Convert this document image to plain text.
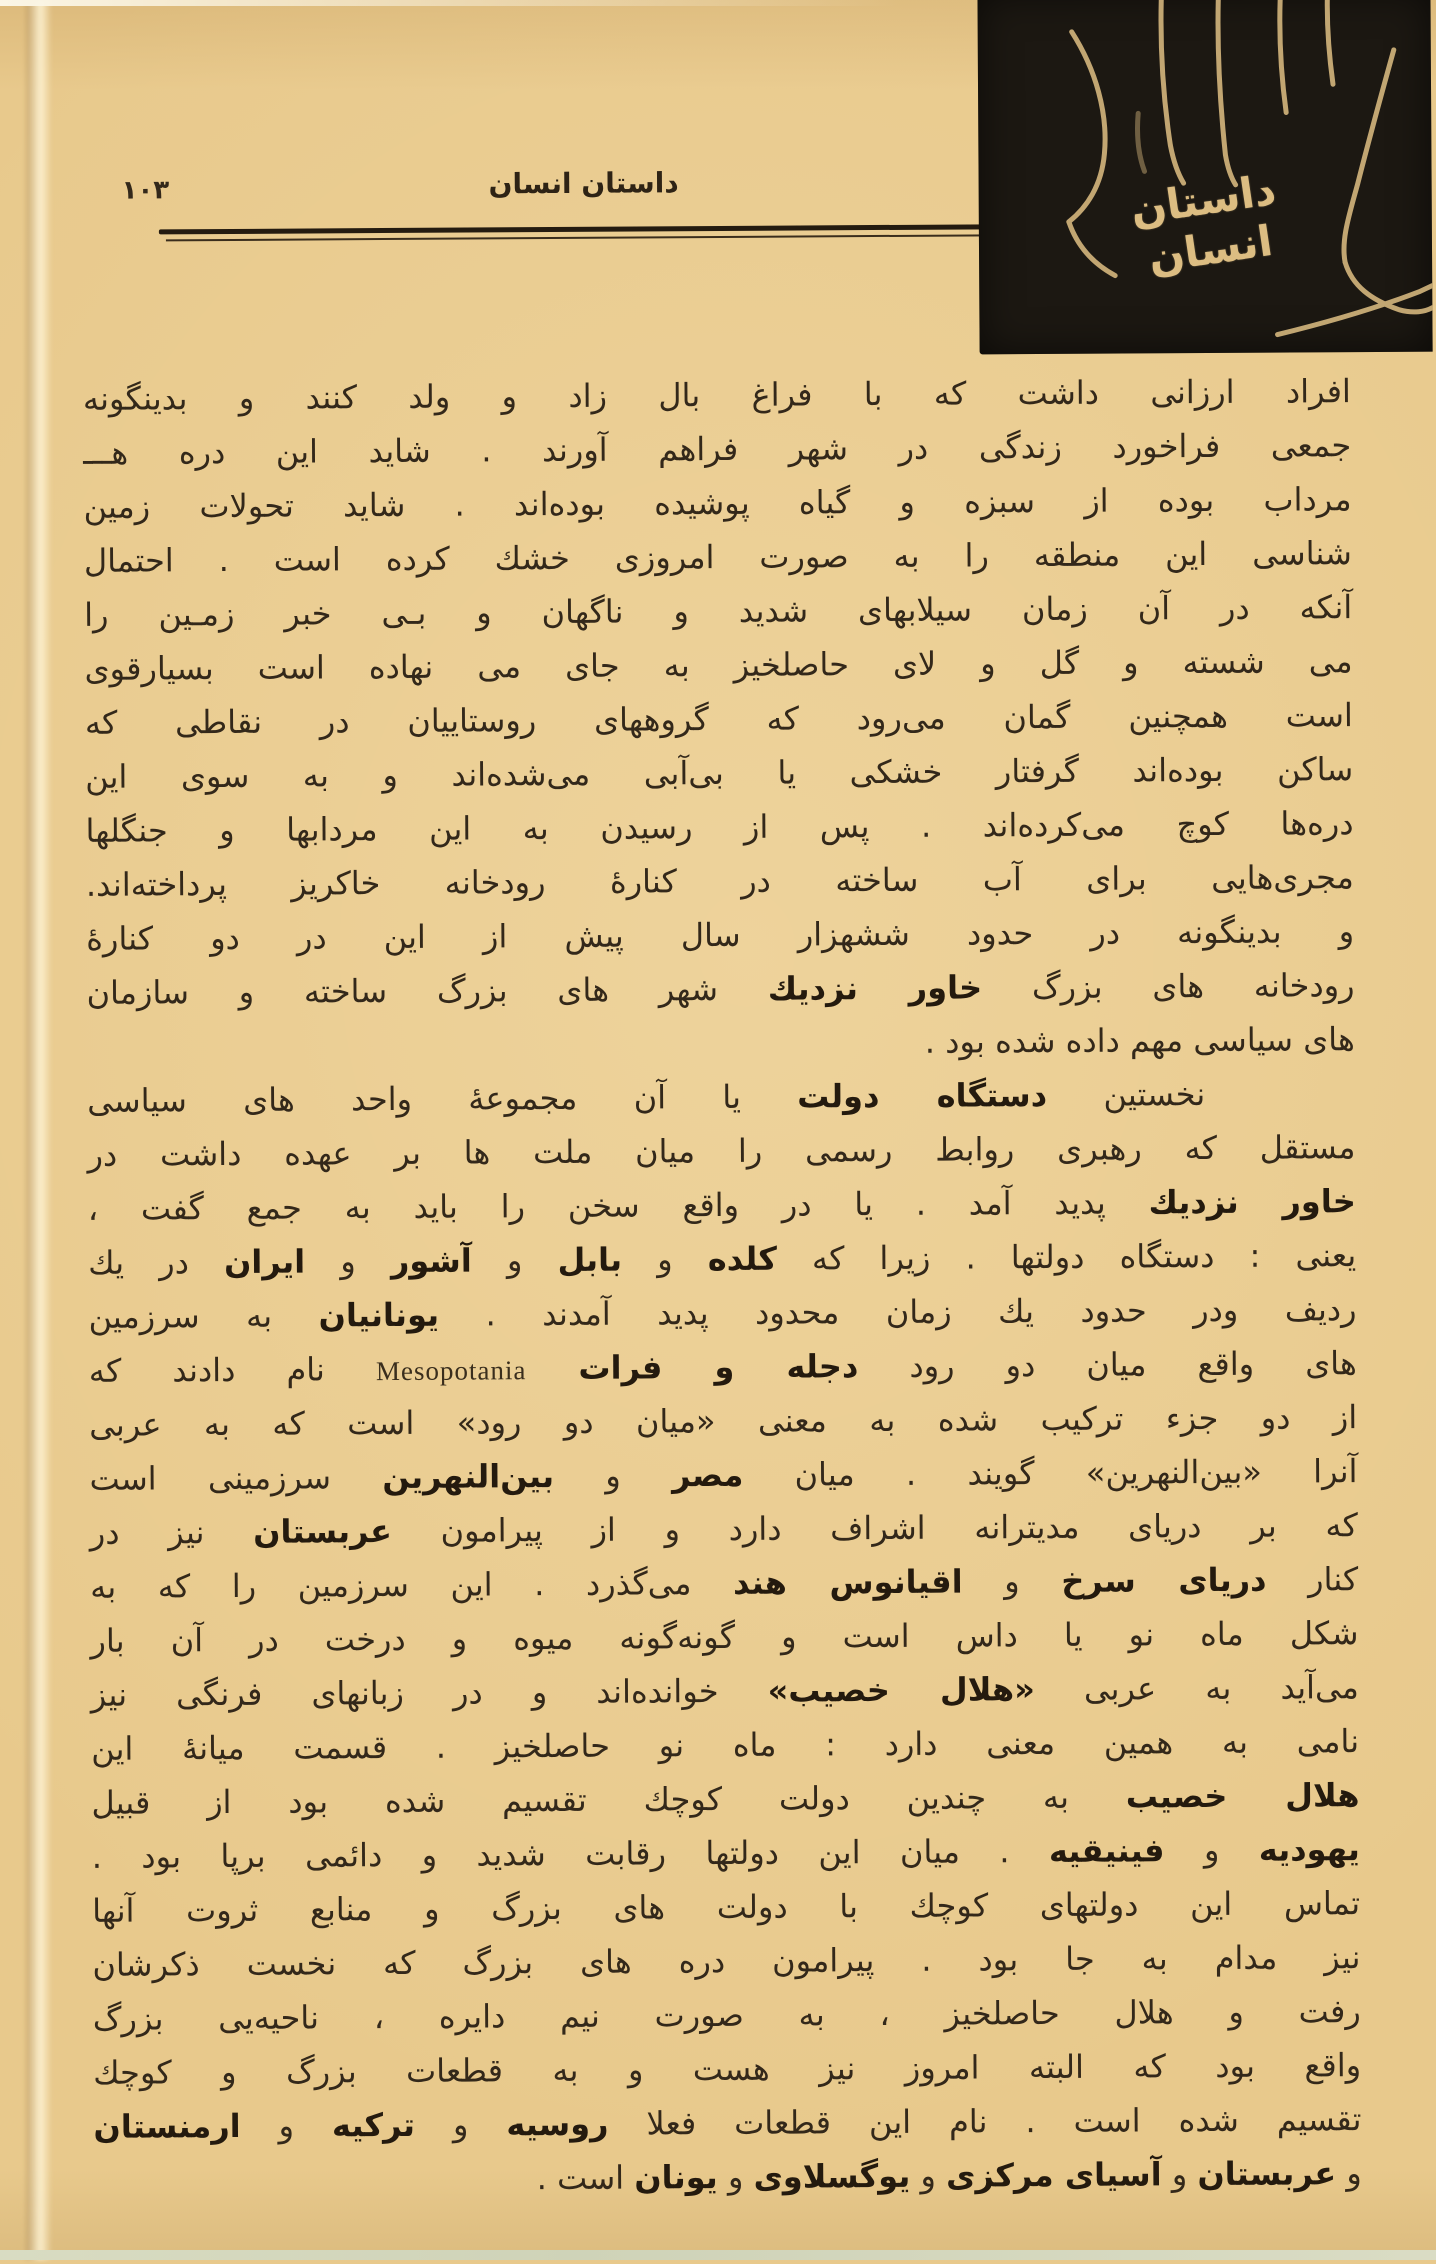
۱۰۳	داستان انسان	داستان
انسان
افراد ارزانی داشت که با فراغ بال زاد و ولد کنند و بدینگونه
جمعی فراخورد زندگی در شهر فراهم آورند . شاید این دره هـــ
مرداب بوده از سبزه و گیاه پوشیده بوده‌اند . شاید تحولات زمین
شناسی این منطقه را به صورت امروزی خشك كرده است . احتمال
آنکه در آن زمان سیلابهای شدید و ناگهان و بـی خبر زمـین را
می شسته و گل و لای حاصلخیز به جای می نهاده است بسیارقوی
است همچنین گمان می‌رود که گروههای روستاییان در نقاطی که
ساکن بوده‌اند گرفتار خشکی یا بی‌آبی می‌شده‌اند و به سوی این
دره‌ها کوچ می‌کرده‌اند . پس از رسیدن به این مردابها و جنگلها
مجری‌هایی برای آب ساخته در کنارۀ رودخانه خاکریز پرداخته‌اند.
و بدینگونه در حدود ششهزار سال پیش از این در دو کنارۀ
رودخانه های بزرگ خاور نزدیك شهر های بزرگ ساخته و سازمان
های سیاسی مهم داده شده بود .
نخستین دستگاه دولت یا آن مجموعۀ واحد های سیاسی
مستقل که رهبری روابط رسمی را میان ملت ها بر عهده داشت در
خاور نزدیك پدید آمد . یا در واقع سخن را باید به جمع گفت ،
یعنی : دستگاه دولتها . زیرا که کلده و بابل و آشور و ایران در یك
ردیف ودر حدود یك زمان محدود پدید آمدند . یونانیان به سرزمین
های واقع میان دو رود دجله و فرات Mesopotania نام دادند که
از دو جزء ترکیب شده به معنی «میان دو رود» است که به عربی
آنرا «بین‌النهرین» گویند . میان مصر و بین‌النهرین سرزمینی است
که بر دریای مدیترانه اشراف دارد و از پیرامون عربستان نیز در
کنار دریای سرخ و اقیانوس هند می‌گذرد . این سرزمین را که به
شکل ماه نو یا داس است و گونه‌گونه میوه و درخت در آن بار
می‌آید به عربی «هلال خصیب» خوانده‌اند و در زبانهای فرنگی نیز
نامی به همین معنی دارد : ماه نو حاصلخیز . قسمت میانۀ این
هلال خصیب به چندین دولت کوچك تقسیم شده بود از قبیل
یهودیه و فینیقیه . میان این دولتها رقابت شدید و دائمی برپا بود .
تماس این دولتهای کوچك با دولت های بزرگ و منابع ثروت آنها
نیز مدام به جا بود . پیرامون دره های بزرگ که نخست ذکرشان
رفت و هلال حاصلخیز ، به صورت نیم دایره ، ناحیه‌یی بزرگ
واقع بود که البته امروز نیز هست و به قطعات بزرگ و کوچك
تقسیم شده است . نام این قطعات فعلا روسیه و ترکیه و ارمنستان
و عربستان و آسیای مرکزی و یوگسلاوی و یونان است .
